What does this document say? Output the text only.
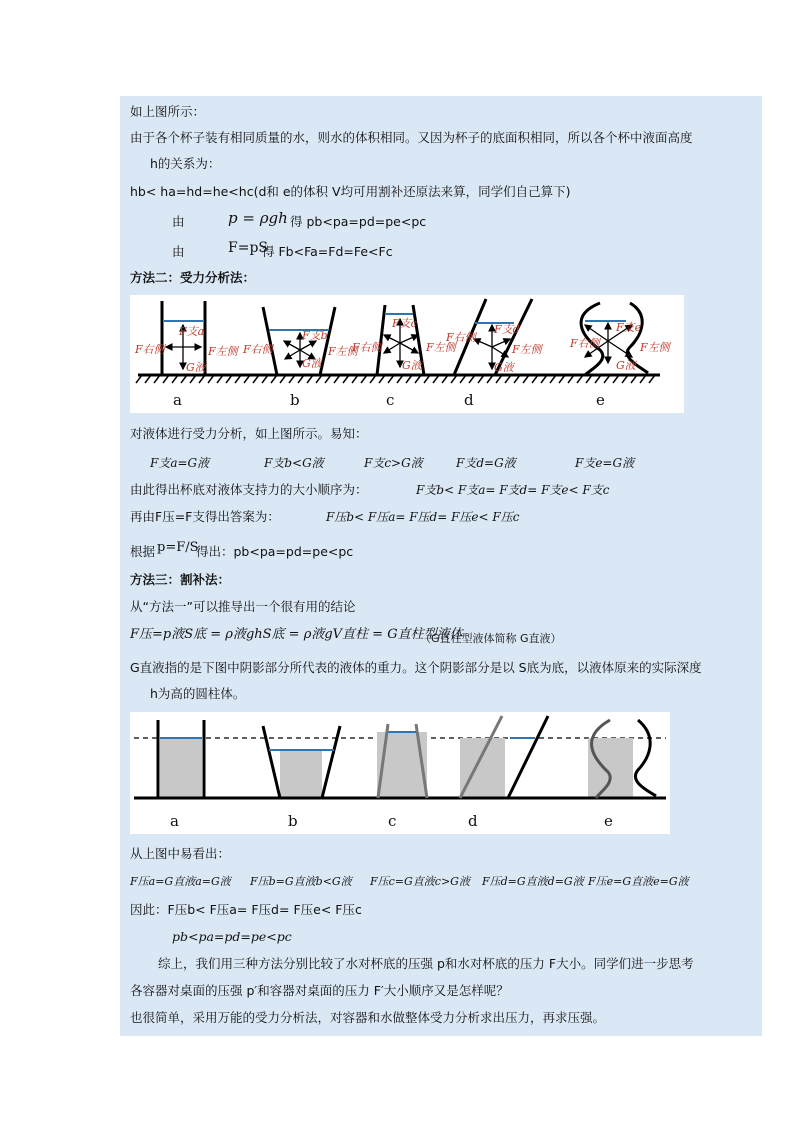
如上图所示：
由于各个杯子装有相同质量的水，则水的体积相同。又因为杯子的底面积相同，所以各个杯中液面高度
h的关系为：
hb< ha=hd=he<hc(d和 e的体积 V均可用割补还原法来算，同学们自己算下)
由	p = ρgh 得 pb<pa=pd=pe<pc
由	F=pS
得 Fb<Fa=Fd=Fe<Fc
方法二：受力分析法：
F右侧	F左侧
F支a
G液
F右侧	F左侧
F支b
G液
F右侧	F左侧
F支c
G液
F右侧
F左侧
F支d
G液
F右侧	F左侧
F支e
G液
a	b	c	d	e
对液体进行受力分析，如上图所示。易知：
F支a=G液	F支b<G液	F支c>G液	F支d=G液	F支e=G液
由此得出杯底对液体支持力的大小顺序为：	F支b< F支a= F支d= F支e< F支c
再由F压=F支得出答案为：	F压b< F压a= F压d= F压e< F压c
根据 p=F/S
得出：pb<pa=pd=pe<pc
方法三：割补法：
从“方法一”可以推导出一个很有用的结论
F压=p液S底 = ρ液ghS底 = ρ液gV直柱 = G直柱型液体
（G直柱型液体简称 G直液）
G直液指的是下图中阴影部分所代表的液体的重力。这个阴影部分是以 S底为底，以液体原来的实际深度
h为高的圆柱体。
a	b	c	d	e
从上图中易看出：
F压a=G直液a=G液 F压b=G直液b<G液 F压c=G直液c>G液 F压d=G直液d=G液 F压e=G直液e=G液
因此：F压b< F压a= F压d= F压e< F压c
pb<pa=pd=pe<pc
综上，我们用三种方法分别比较了水对杯底的压强 p和水对杯底的压力 F大小。同学们进一步思考
各容器对桌面的压强 p′和容器对桌面的压力 F′大小顺序又是怎样呢？
也很简单，采用万能的受力分析法，对容器和水做整体受力分析求出压力，再求压强。
